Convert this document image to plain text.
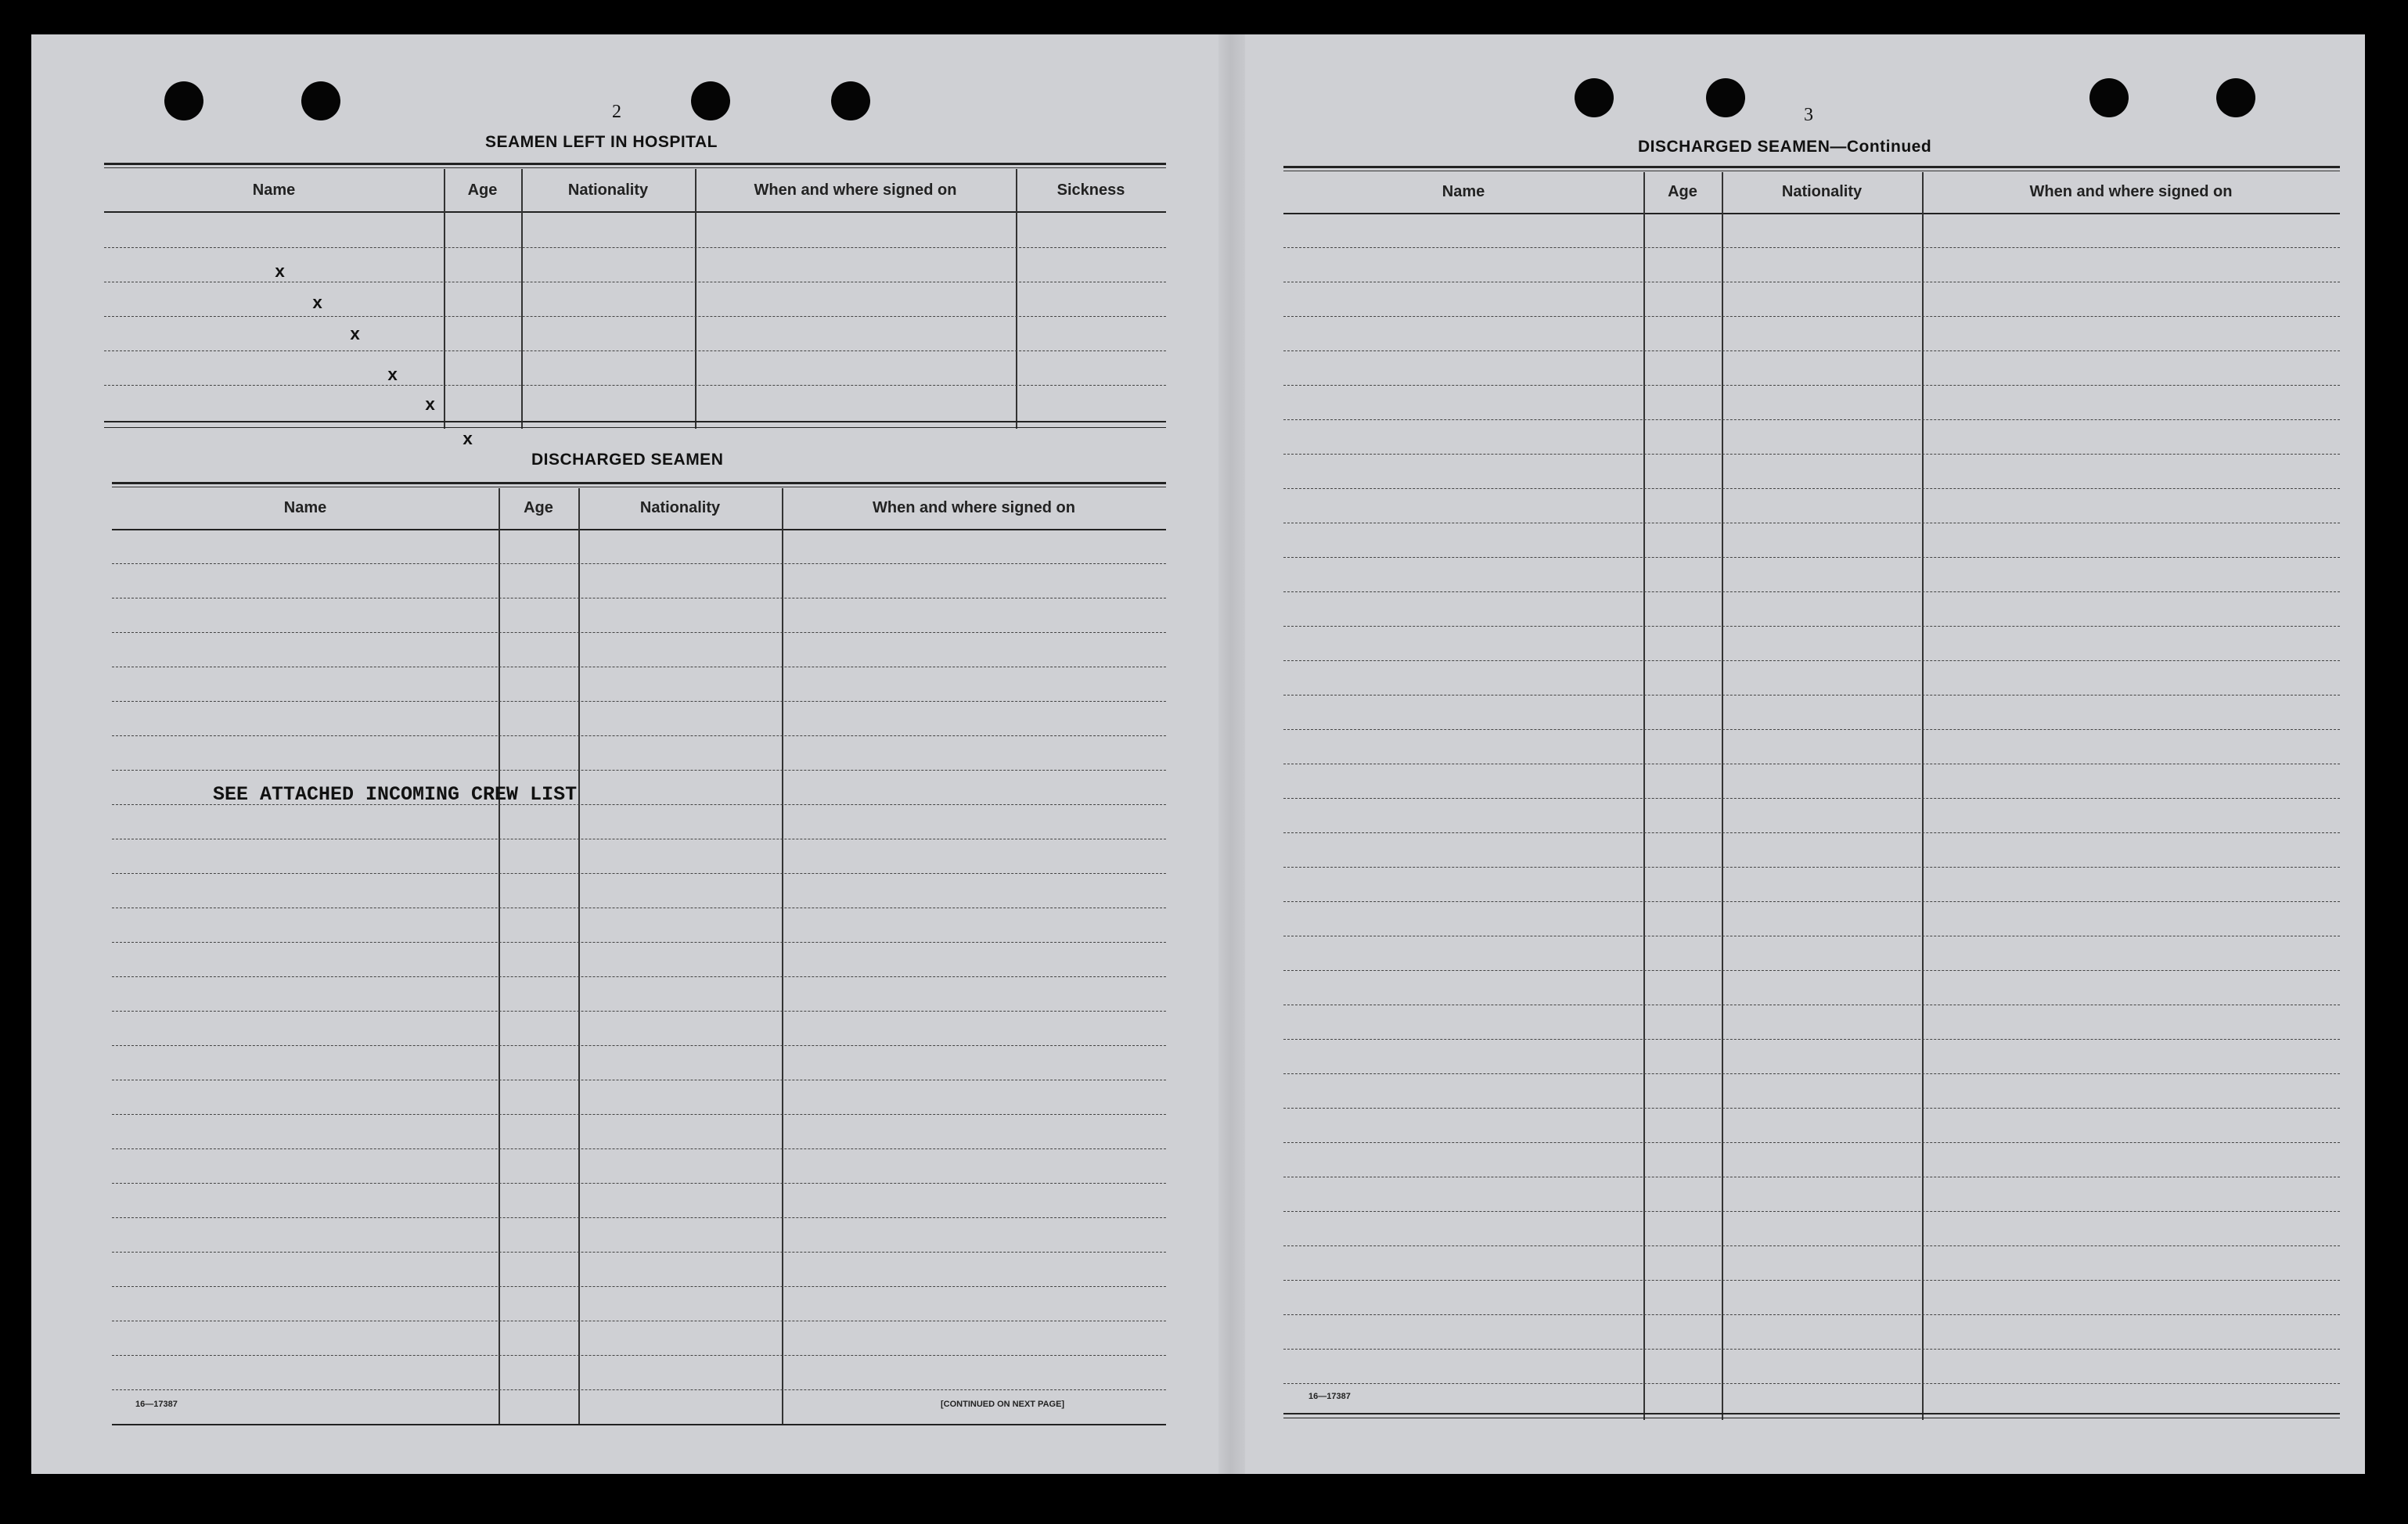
2
SEAMEN LEFT IN HOSPITAL
Name	Age	Nationality	When and where signed on	Sickness
x
x
x
x
x
x
DISCHARGED SEAMEN
Name	Age	Nationality	When and where signed on
SEE ATTACHED INCOMING CREW LIST
16—17387	[CONTINUED ON NEXT PAGE]
3
DISCHARGED SEAMEN—Continued
Name	Age	Nationality	When and where signed on
16—17387
